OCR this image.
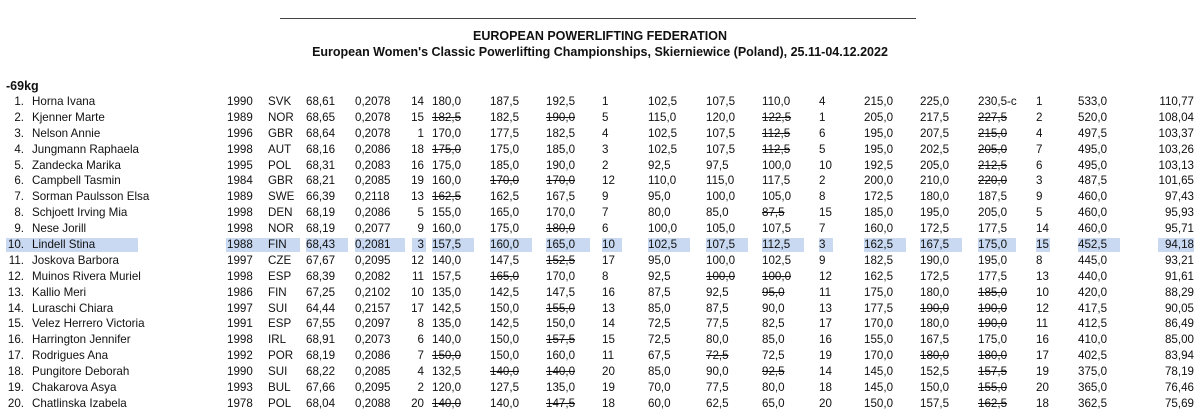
EUROPEAN POWERLIFTING FEDERATION
European Women's Classic Powerlifting Championships, Skierniewice (Poland), 25.11-04.12.2022
-69kg
1. Horna Ivana	1990	SVK	68,61	0,2078	14 180,0	187,5	192,5	1	102,5	107,5	110,0	4	215,0	225,0	230,5-c	1	533,0	110,77
2. Kjenner Marte	1989	NOR	68,65	0,2078	15 182,5	182,5	190,0	5	115,0	120,0	122,5	1	205,0	217,5	227,5	2	520,0	108,04
3. Nelson Annie	1996	GBR	68,64	0,2078	1 170,0	177,5	182,5	4	102,5	107,5	112,5	6	195,0	207,5	215,0	4	497,5	103,37
4. Jungmann Raphaela	1998	AUT	68,16	0,2086	18 175,0	175,0	185,0	3	102,5	107,5	112,5	5	195,0	202,5	205,0	7	495,0	103,26
5. Zandecka Marika	1995	POL	68,31	0,2083	16 175,0	185,0	190,0	2	92,5	97,5	100,0	10	192,5	205,0	212,5	6	495,0	103,13
6. Campbell Tasmin	1984	GBR	68,21	0,2085	19 160,0	170,0	170,0	12	110,0	115,0	117,5	2	200,0	210,0	220,0	3	487,5	101,65
7. Sorman Paulsson Elsa	1989	SWE 66,39	0,2118	13 162,5	162,5	167,5	9	95,0	100,0	105,0	8	172,5	180,0	187,5	9	460,0	97,43
8. Schjoett Irving Mia	1998	DEN	68,19	0,2086	5 155,0	165,0	170,0	7	80,0	85,0	87,5	15	185,0	195,0	205,0	5	460,0	95,93
9. Nese Jorill	1998	NOR	68,19	0,2077	9 160,0	175,0	180,0	6	100,0	105,0	107,5	7	160,0	172,5	177,5	14	460,0	95,71
10. Lindell Stina	1988	FIN	68,43	0,2081	3 157,5	160,0	165,0	10	102,5	107,5	112,5	3	162,5	167,5	175,0	15	452,5	94,18
11. Joskova Barbora	1997	CZE	67,67	0,2095	12 140,0	147,5	152,5	17	95,0	100,0	102,5	9	182,5	190,0	195,0	8	445,0	93,21
12. Muinos Rivera Muriel	1998	ESP	68,39	0,2082	11 157,5	165,0	170,0	8	92,5	100,0	100,0	12	162,5	172,5	177,5	13	440,0	91,61
13. Kallio Meri	1986	FIN	67,25	0,2102	10 135,0	142,5	147,5	16	87,5	92,5	95,0	11	175,0	180,0	185,0	10	420,0	88,29
14. Luraschi Chiara	1997	SUI	64,44	0,2157	17 142,5	150,0	155,0	13	85,0	87,5	90,0	13	177,5	190,0	190,0	12	417,5	90,05
15. Velez Herrero Victoria	1991	ESP	67,55	0,2097	8 135,0	142,5	150,0	14	72,5	77,5	82,5	17	170,0	180,0	190,0	11	412,5	86,49
16. Harrington Jennifer	1998	IRL	68,91	0,2073	6 140,0	150,0	157,5	15	72,5	80,0	85,0	16	155,0	167,5	175,0	16	410,0	85,00
17. Rodrigues Ana	1992	POR	68,19	0,2086	7 150,0	150,0	160,0	11	67,5	72,5	72,5	19	170,0	180,0	180,0	17	402,5	83,94
18. Pungitore Deborah	1990	SUI	68,22	0,2085	4 132,5	140,0	140,0	20	85,0	90,0	92,5	14	145,0	152,5	157,5	19	375,0	78,19
19. Chakarova Asya	1993	BUL	67,66	0,2095	2 120,0	127,5	135,0	19	70,0	77,5	80,0	18	145,0	150,0	155,0	20	365,0	76,46
20. Chatlinska Izabela	1978	POL	68,04	0,2088	20 140,0	140,0	147,5	18	60,0	62,5	65,0	20	150,0	157,5	162,5	18	362,5	75,69
